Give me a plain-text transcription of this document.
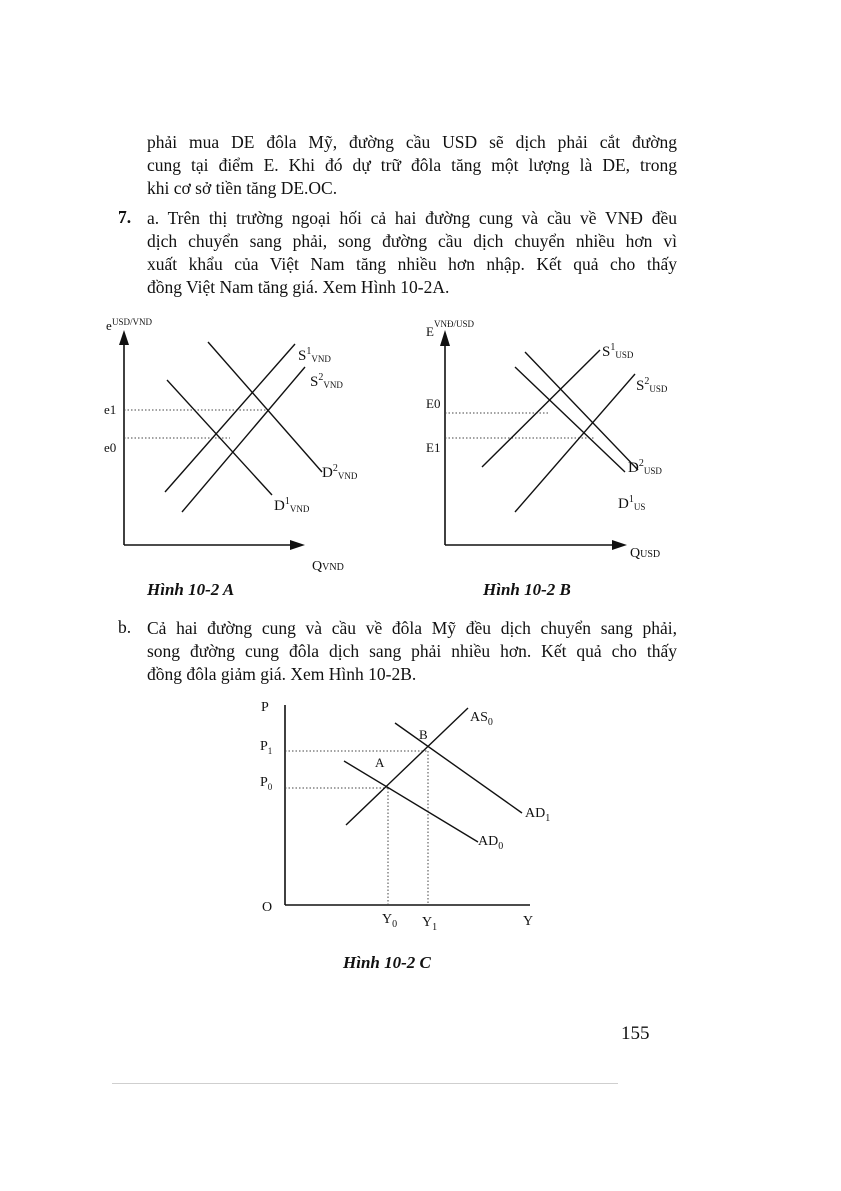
phải mua DE đôla Mỹ, đường cầu USD sẽ dịch phải cắt đường
cung tại điểm E. Khi đó dự trữ đôla tăng một lượng là DE, trong
khi cơ sở tiền tăng DE.OC.
7. a. Trên thị trường ngoại hối cả hai đường cung và cầu về VNĐ đều
dịch chuyển sang phải, song đường cầu dịch chuyển nhiều hơn vì
xuất khẩu của Việt Nam tăng nhiều hơn nhập. Kết quả cho thấy
đồng Việt Nam tăng giá. Xem Hình 10-2A.
e USD/VND
e1
e0
$S^1_{VND}$
$S^2_{VND}$
$D^2_{VND}$
$D^1_{VND}$
QVND
Hình 10-2 A
E VNĐ/USD
E0
E1
$S^1_{USD}$
$S^2_{USD}$
$D^2_{USD}$
$D^1_{US}$
QUSD
Hình 10-2 B
b. Cả hai đường cung và cầu về đôla Mỹ đều dịch chuyển sang phải,
song đường cung đôla dịch sang phải nhiều hơn. Kết quả cho thấy
đồng đôla giảm giá. Xem Hình 10-2B.
P
O
$P_1$
$P_0$
B
A
$AS_0$
$AD_1$
$AD_0$
$Y_0$ $Y_1$	Y
Hình 10-2 C
155
